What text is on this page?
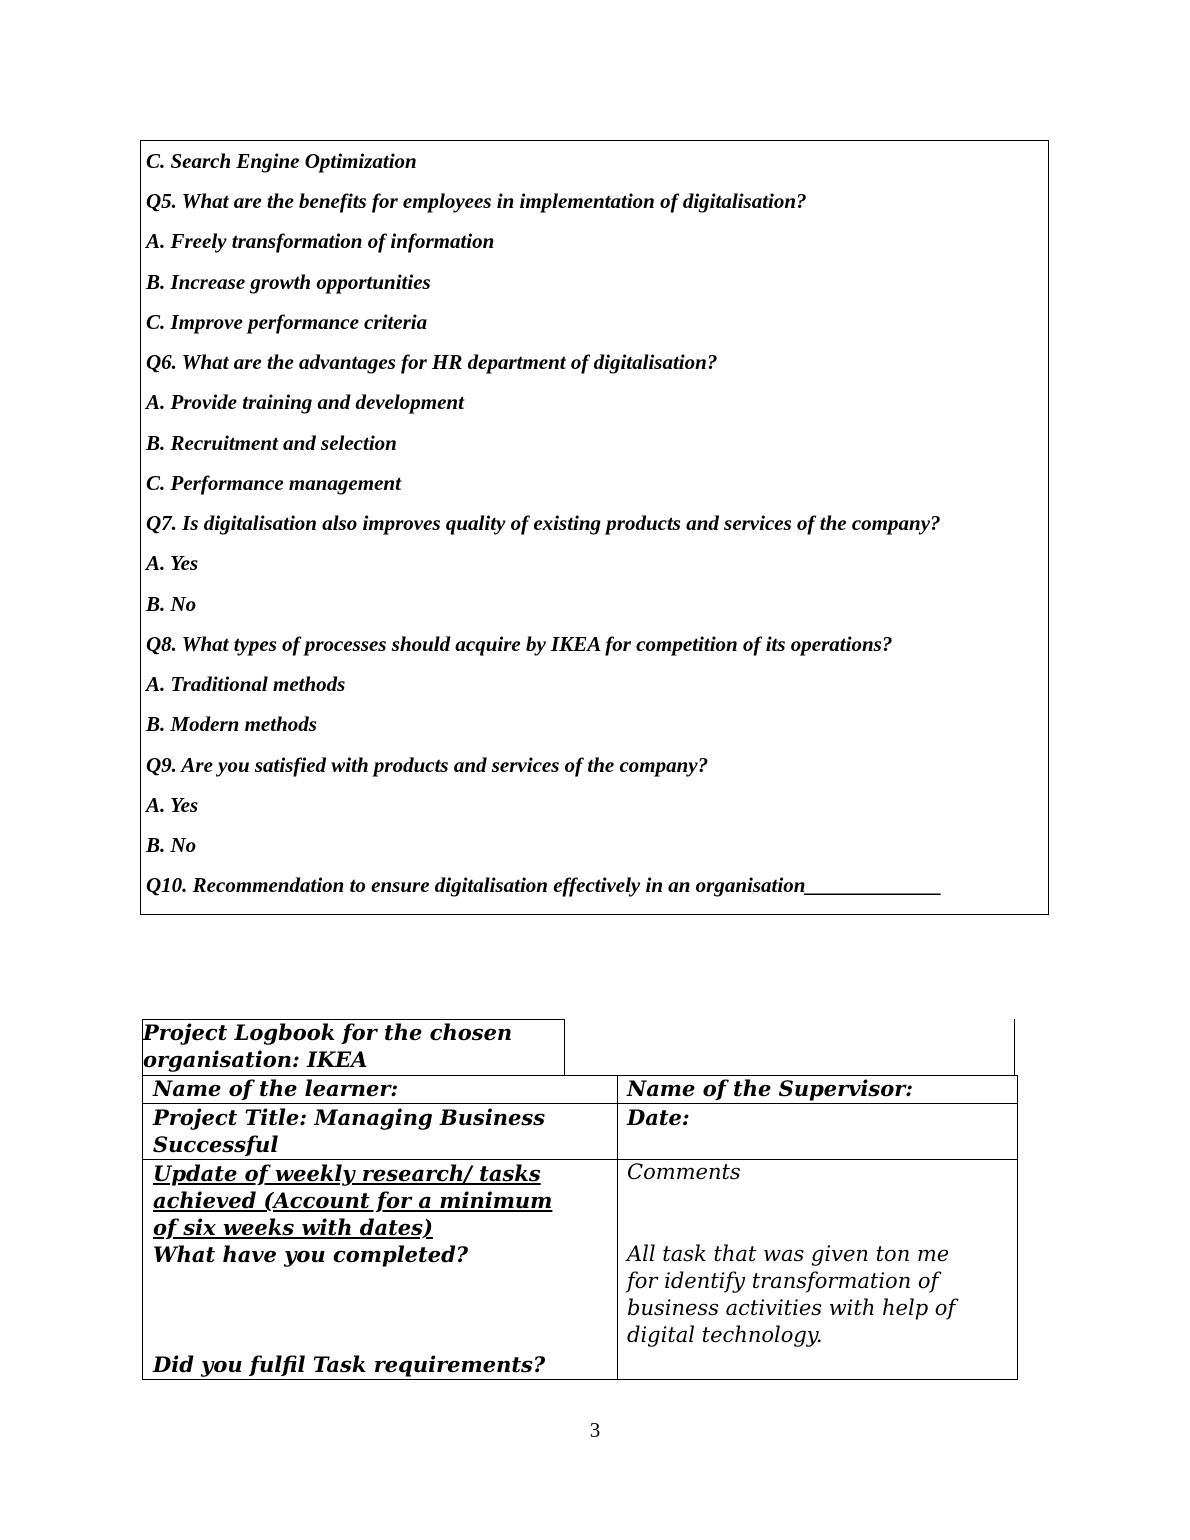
C. Search Engine Optimization
Q5. What are the benefits for employees in implementation of digitalisation?
A. Freely transformation of information
B. Increase growth opportunities
C. Improve performance criteria
Q6. What are the advantages for HR department of digitalisation?
A. Provide training and development
B. Recruitment and selection
C. Performance management
Q7. Is digitalisation also improves quality of existing products and services of the company?
A. Yes
B. No
Q8. What types of processes should acquire by IKEA for competition of its operations?
A. Traditional methods
B. Modern methods
Q9. Are you satisfied with products and services of the company?
A. Yes
B. No
Q10. Recommendation to ensure digitalisation effectively in an organisation_____________
Project Logbook for the chosen
organisation: IKEA
Name of the learner:	Name of the Supervisor:
Project Title: Managing Business
Successful
Date:
Update of weekly research/ tasks
achieved (Account for a minimum
of six weeks with dates)
What have you completed?
Did you fulfil Task requirements?
Comments
All task that was given ton me
for identify transformation of
business activities with help of
digital technology.
3
